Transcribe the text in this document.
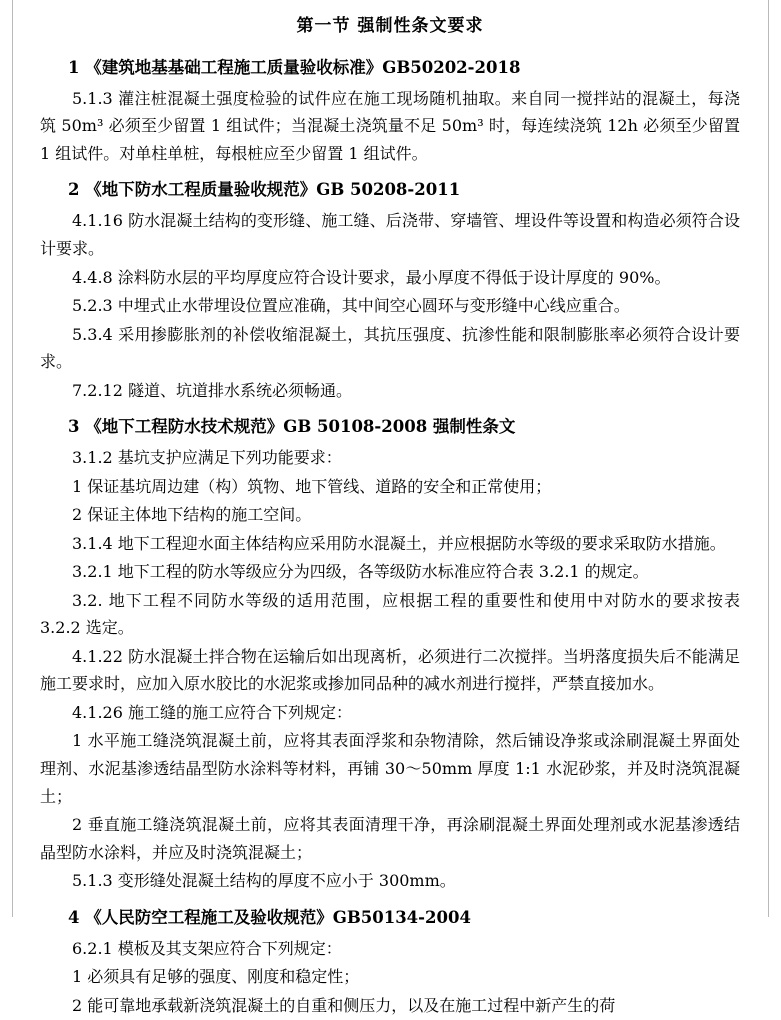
第一节 强制性条文要求
1 《建筑地基基础工程施工质量验收标准》GB50202-2018

5.1.3 灌注桩混凝土强度检验的试件应在施工现场随机抽取。来自同一搅拌站的混凝土，每浇筑 50m³ 必须至少留置 1 组试件；当混凝土浇筑量不足 50m³ 时，每连续浇筑 12h 必须至少留置 1 组试件。对单柱单桩，每根桩应至少留置 1 组试件。

2 《地下防水工程质量验收规范》GB 50208-2011

4.1.16 防水混凝土结构的变形缝、施工缝、后浇带、穿墙管、埋设件等设置和构造必须符合设计要求。

4.4.8 涂料防水层的平均厚度应符合设计要求，最小厚度不得低于设计厚度的 90%。

5.2.3 中埋式止水带埋设位置应准确，其中间空心圆环与变形缝中心线应重合。

5.3.4 采用掺膨胀剂的补偿收缩混凝土，其抗压强度、抗渗性能和限制膨胀率必须符合设计要求。

7.2.12 隧道、坑道排水系统必须畅通。

3 《地下工程防水技术规范》GB 50108-2008 强制性条文

3.1.2 基坑支护应满足下列功能要求：

1 保证基坑周边建（构）筑物、地下管线、道路的安全和正常使用；

2 保证主体地下结构的施工空间。

3.1.4 地下工程迎水面主体结构应采用防水混凝土，并应根据防水等级的要求采取防水措施。

3.2.1 地下工程的防水等级应分为四级，各等级防水标准应符合表 3.2.1 的规定。

3.2. 地下工程不同防水等级的适用范围，应根据工程的重要性和使用中对防水的要求按表 3.2.2 选定。

4.1.22 防水混凝土拌合物在运输后如出现离析，必须进行二次搅拌。当坍落度损失后不能满足施工要求时，应加入原水胶比的水泥浆或掺加同品种的减水剂进行搅拌，严禁直接加水。

4.1.26 施工缝的施工应符合下列规定：

1 水平施工缝浇筑混凝土前，应将其表面浮浆和杂物清除，然后铺设净浆或涂刷混凝土界面处理剂、水泥基渗透结晶型防水涂料等材料，再铺 30～50mm 厚度 1:1 水泥砂浆，并及时浇筑混凝土；

2 垂直施工缝浇筑混凝土前，应将其表面清理干净，再涂刷混凝土界面处理剂或水泥基渗透结晶型防水涂料，并应及时浇筑混凝土；

5.1.3 变形缝处混凝土结构的厚度不应小于 300mm。

4 《人民防空工程施工及验收规范》GB50134-2004

6.2.1 模板及其支架应符合下列规定：

1 必须具有足够的强度、刚度和稳定性；

2 能可靠地承载新浇筑混凝土的自重和侧压力，以及在施工过程中新产生的荷
